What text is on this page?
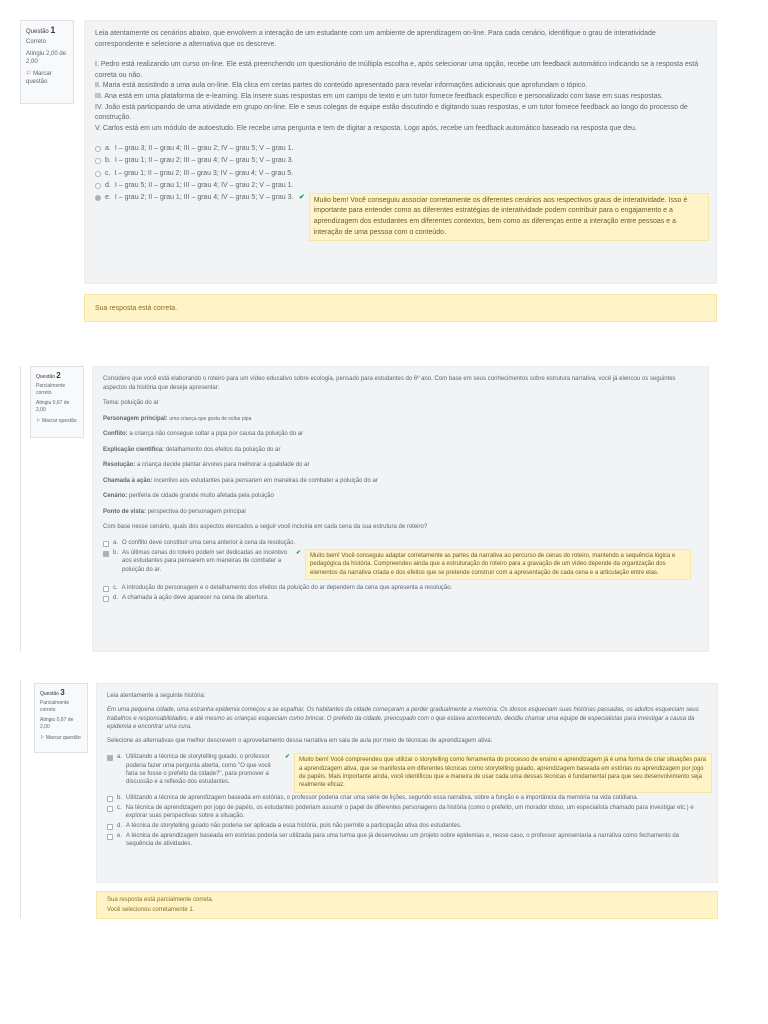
Questão 1
Correto
Atingiu 2,00 de 2,00
⚐ Marcar questão

Leia atentamente os cenários abaixo, que envolvem a interação de um estudante com um ambiente de aprendizagem on-line. Para cada cenário, identifique o grau de interatividade correspondente e selecione a alternativa que os descreve.

I. Pedro está realizando um curso on-line. Ele está preenchendo um questionário de múltipla escolha e, após selecionar uma opção, recebe um feedback automático indicando se a resposta está correta ou não.

II. Maria está assistindo a uma aula on-line. Ela clica em certas partes do conteúdo apresentado para revelar informações adicionais que aprofundam o tópico.

III. Ana está em uma plataforma de e-learning. Ela insere suas respostas em um campo de texto e um tutor fornece feedback específico e personalizado com base em suas respostas.

IV. João está participando de uma atividade em grupo on-line. Ele e seus colegas de equipe estão discutindo e digitando suas respostas, e um tutor fornece feedback ao longo do processo de construção.

V. Carlos está em um módulo de autoestudo. Ele recebe uma pergunta e tem de digitar a resposta. Logo após, recebe um feedback automático baseado na resposta que deu.

a. I – grau 3; II – grau 4; III – grau 2; IV – grau 5; V – grau 1.
b. I – grau 1; II – grau 2; III – grau 4; IV – grau 5; V – grau 3.
c. I – grau 1; II – grau 2; III – grau 3; IV – grau 4; V – grau 5.
d. I – grau 5; II – grau 1; III – grau 4; IV – grau 2; V – grau 1.
e. I – grau 2; II – grau 1; III – grau 4; IV – grau 5; V – grau 3. ✔	Muito bem! Você conseguiu associar corretamente os diferentes cenários aos respectivos graus de interatividade. Isso é importante para entender como as diferentes estratégias de interatividade podem contribuir para o engajamento e a aprendizagem dos estudantes em diferentes contextos, bem como as diferenças entre a interação entre pessoas e a interação de uma pessoa com o conteúdo.
Sua resposta está correta.
Questão 2
Parcialmente correto
Atingiu 0,67 de 2,00
⚐ Marcar questão

Considere que você está elaborando o roteiro para um vídeo educativo sobre ecologia, pensado para estudantes do 6º ano. Com base em seus conhecimentos sobre estrutura narrativa, você já elencou os seguintes aspectos da história que deseja apresentar:

Tema: poluição do ar

Personagem principal: uma criança que gosta de soltar pipa

Conflito: a criança não consegue soltar a pipa por causa da poluição do ar

Explicação científica: detalhamento dos efeitos da poluição do ar

Resolução: a criança decide plantar árvores para melhorar a qualidade do ar

Chamada à ação: incentivo aos estudantes para pensarem em maneiras de combater a poluição do ar

Cenário: periferia de cidade grande muito afetada pela poluição

Ponto de vista: perspectiva do personagem principal

Com base nesse cenário, quais dos aspectos elencados a seguir você incluiria em cada cena da sua estrutura de roteiro?

a. O conflito deve constituir uma cena anterior à cena da resolução.
b. As últimas cenas do roteiro podem ser dedicadas ao incentivo aos estudantes para pensarem em maneiras de combater a poluição do ar.
✔	Muito bem! Você conseguiu adaptar corretamente as partes da narrativa ao percurso de cenas do roteiro, mantendo a sequência lógica e pedagógica da história. Compreendeu ainda que a estruturação do roteiro para a gravação de um vídeo depende da organização dos elementos da narrativa criada e dos efeitos que se pretende construir com a apresentação de cada cena e a articulação entre elas.
c. A introdução do personagem e o detalhamento dos efeitos da poluição do ar dependem da cena que apresenta a resolução.
d. A chamada à ação deve aparecer na cena de abertura.
Questão 3
Parcialmente correto
Atingiu 0,67 de 2,00
⚐ Marcar questão

Leia atentamente a seguinte história:

Em uma pequena cidade, uma estranha epidemia começou a se espalhar. Os habitantes da cidade começaram a perder gradualmente a memória. Os idosos esqueciam suas histórias passadas, os adultos esqueciam seus trabalhos e responsabilidades, e até mesmo as crianças esqueciam como brincar. O prefeito da cidade, preocupado com o que estava acontecendo, decidiu chamar uma equipe de especialistas para investigar a causa da epidemia e encontrar uma cura.

Selecione as alternativas que melhor descrevem o aproveitamento dessa narrativa em sala de aula por meio de técnicas de aprendizagem ativa:

a. Utilizando a técnica de storytelling guiado, o professor poderia fazer uma pergunta aberta, como "O que você faria se fosse o prefeito da cidade?", para promover a discussão e a reflexão dos estudantes.
✔	Muito bem! Você compreendeu que utilizar o storytelling como ferramenta do processo de ensino e aprendizagem já é uma forma de criar situações para a aprendizagem ativa, que se manifesta em diferentes técnicas como storytelling guiado, aprendizagem baseada em estórias ou aprendizagem por jogo de papéis. Mais importante ainda, você identificou que a maneira de usar cada uma dessas técnicas é fundamental para que seu desenvolvimento seja realmente eficaz.
b. Utilizando a técnica de aprendizagem baseada em estórias, o professor poderia criar uma série de lições, segundo essa narrativa, sobre a função e a importância da memória na vida cotidiana.
c. Na técnica de aprendizagem por jogo de papéis, os estudantes poderiam assumir o papel de diferentes personagens da história (como o prefeito, um morador idoso, um especialista chamado para investigar etc.) e explorar suas perspectivas sobre a situação.
d. A técnica de storytelling guiado não poderia ser aplicada a essa história, pois não permite a participação ativa dos estudantes.
e. A técnica de aprendizagem baseada em estórias poderia ser utilizada para uma turma que já desenvolveu um projeto sobre epidemias e, nesse caso, o professor apresentaria a narrativa como fechamento da sequência de atividades.
Sua resposta está parcialmente correta.
Você selecionou corretamente 1.
